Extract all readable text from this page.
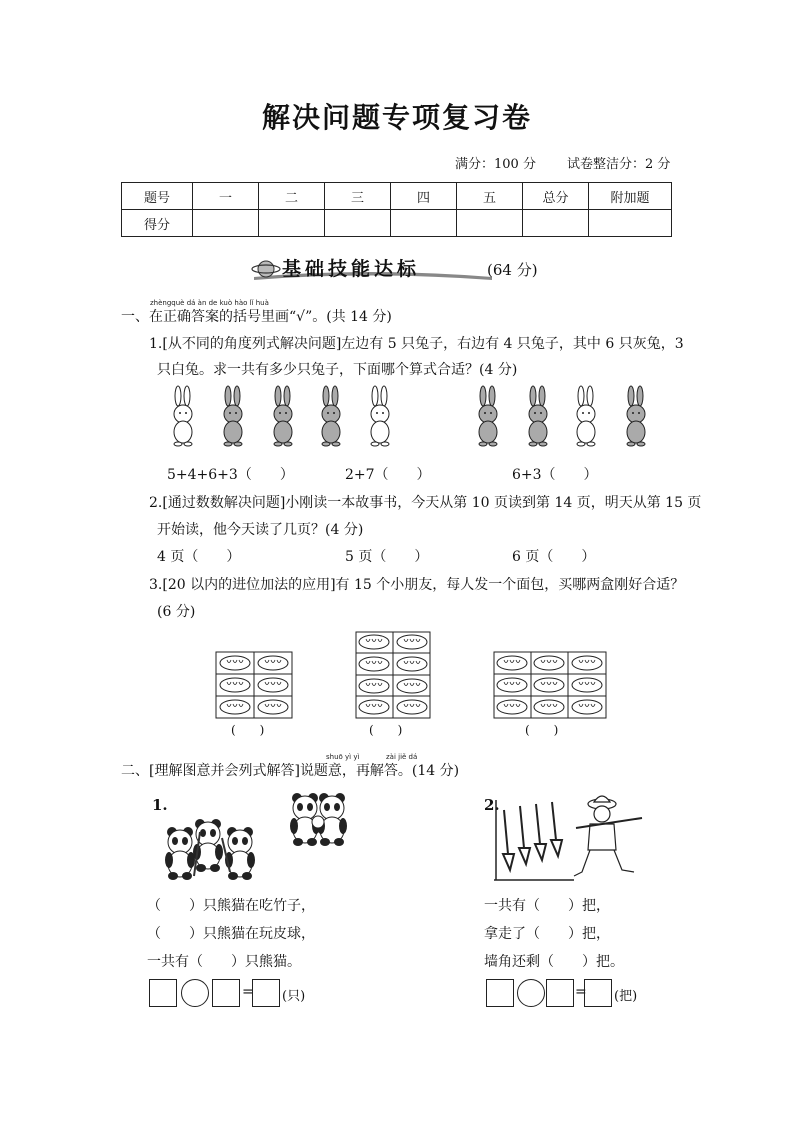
解决问题专项复习卷
满分：100 分 试卷整洁分：2 分
题号	一	二	三	四	五	总分	附加题
得分							
基础技能达标	(64 分)
zhèngquè dá àn de kuò hào lǐ huà
一、在正确答案的括号里画“√”。(共 14 分)
1.[从不同的角度列式解决问题]左边有 5 只兔子，右边有 4 只兔子，其中 6 只灰兔，3
只白兔。求一共有多少只兔子，下面哪个算式合适？(4 分)
5+4+6+3（　　）	2+7（　　）	6+3（　　）
2.[通过数数解决问题]小刚读一本故事书，今天从第 10 页读到第 14 页，明天从第 15 页
开始读，他今天读了几页？(4 分)
4 页（　　）	5 页（　　）	6 页（　　）
3.[20 以内的进位加法的应用]有 15 个小朋友，每人发一个面包，买哪两盒刚好合适？
(6 分)
(　　)	(　　)	(　　)
shuō yì yì	zài jiě dá
二、[理解图意并会列式解答]说题意，再解答。(14 分)
1.
（　　）只熊猫在吃竹子，
（　　）只熊猫在玩皮球，
一共有（　　）只熊猫。
= (只)
2.
一共有（　　）把，
拿走了（　　）把，
墙角还剩（　　）把。
= (把)
